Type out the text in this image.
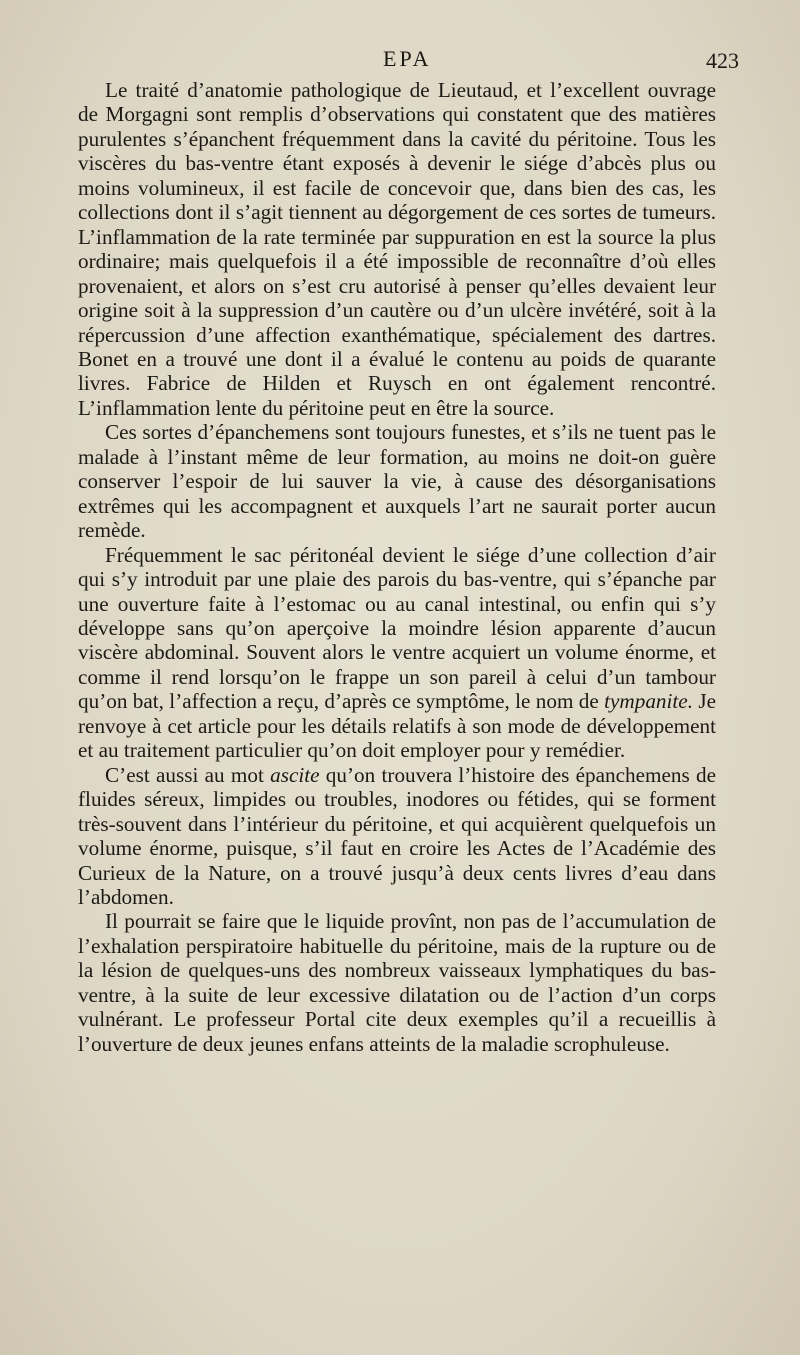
EPA	423

Le traité d’anatomie pathologique de Lieutaud, et l’excellent ouvrage de Morgagni sont remplis d’observations qui constatent que des matières purulentes s’épanchent fréquemment dans la cavité du péritoine. Tous les viscères du bas-ventre étant exposés à devenir le siége d’abcès plus ou moins volumineux, il est facile de concevoir que, dans bien des cas, les collections dont il s’agit tiennent au dégorgement de ces sortes de tumeurs. L’inflammation de la rate terminée par suppuration en est la source la plus ordinaire; mais quelquefois il a été impossible de reconnaître d’où elles provenaient, et alors on s’est cru autorisé à penser qu’elles devaient leur origine soit à la suppression d’un cautère ou d’un ulcère invétéré, soit à la répercussion d’une affection exanthématique, spécialement des dartres. Bonet en a trouvé une dont il a évalué le contenu au poids de quarante livres. Fabrice de Hilden et Ruysch en ont également rencontré. L’inflammation lente du péritoine peut en être la source.

Ces sortes d’épanchemens sont toujours funestes, et s’ils ne tuent pas le malade à l’instant même de leur formation, au moins ne doit-on guère conserver l’espoir de lui sauver la vie, à cause des désorganisations extrêmes qui les accompagnent et auxquels l’art ne saurait porter aucun remède.

Fréquemment le sac péritonéal devient le siége d’une collection d’air qui s’y introduit par une plaie des parois du bas-ventre, qui s’épanche par une ouverture faite à l’estomac ou au canal intestinal, ou enfin qui s’y développe sans qu’on aperçoive la moindre lésion apparente d’aucun viscère abdominal. Souvent alors le ventre acquiert un volume énorme, et comme il rend lorsqu’on le frappe un son pareil à celui d’un tambour qu’on bat, l’affection a reçu, d’après ce symptôme, le nom de tympanite. Je renvoye à cet article pour les détails relatifs à son mode de développement et au traitement particulier qu’on doit employer pour y remédier.

C’est aussi au mot ascite qu’on trouvera l’histoire des épanchemens de fluides séreux, limpides ou troubles, inodores ou fétides, qui se forment très-souvent dans l’intérieur du péritoine, et qui acquièrent quelquefois un volume énorme, puisque, s’il faut en croire les Actes de l’Académie des Curieux de la Nature, on a trouvé jusqu’à deux cents livres d’eau dans l’abdomen.

Il pourrait se faire que le liquide provînt, non pas de l’accumulation de l’exhalation perspiratoire habituelle du péritoine, mais de la rupture ou de la lésion de quelques-uns des nombreux vaisseaux lymphatiques du bas-ventre, à la suite de leur excessive dilatation ou de l’action d’un corps vulnérant. Le professeur Portal cite deux exemples qu’il a recueillis à l’ouverture de deux jeunes enfans atteints de la maladie scrophuleuse.
